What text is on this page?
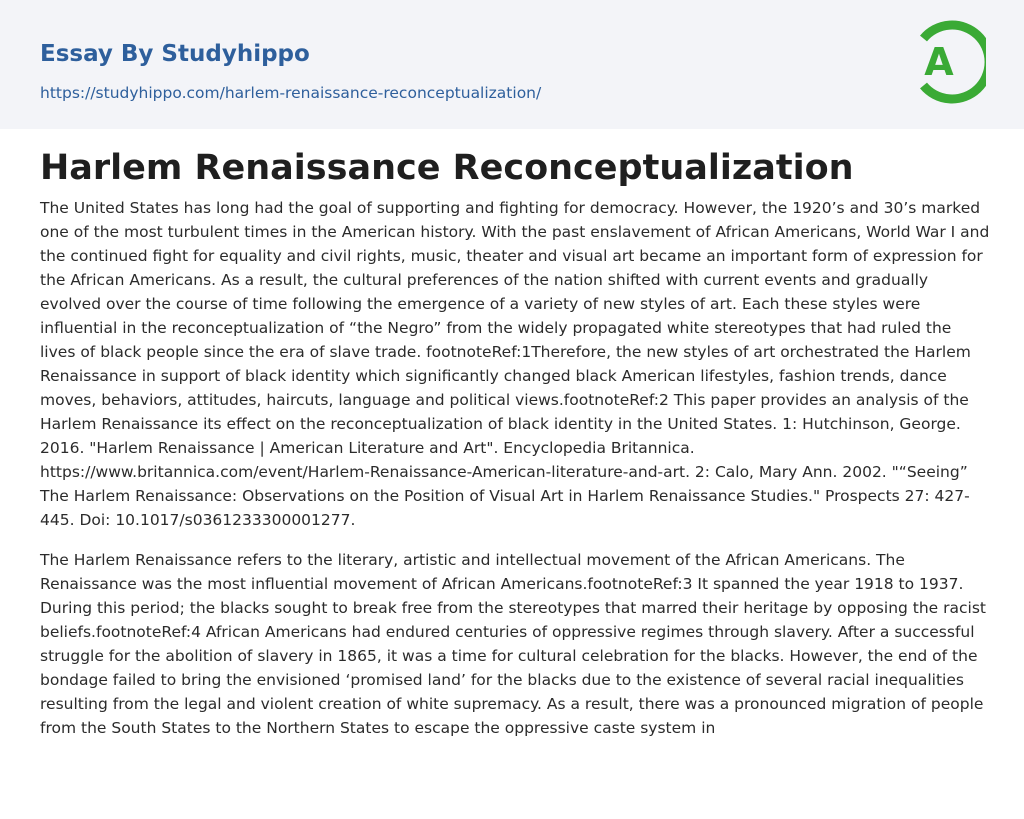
Essay By Studyhippo
https://studyhippo.com/harlem-renaissance-reconceptualization/
A
Harlem Renaissance Reconceptualization

The United States has long had the goal of supporting and fighting for democracy. However, the 1920’s and 30’s marked one of the most turbulent times in the American history. With the past enslavement of African Americans, World War I and the continued fight for equality and civil rights, music, theater and visual art became an important form of expression for the African Americans. As a result, the cultural preferences of the nation shifted with current events and gradually evolved over the course of time following the emergence of a variety of new styles of art. Each these styles were influential in the reconceptualization of “the Negro” from the widely propagated white stereotypes that had ruled the lives of black people since the era of slave trade. footnoteRef:1Therefore, the new styles of art orchestrated the Harlem Renaissance in support of black identity which significantly changed black American lifestyles, fashion trends, dance moves, behaviors, attitudes, haircuts, language and political views.footnoteRef:2 This paper provides an analysis of the Harlem Renaissance its effect on the reconceptualization of black identity in the United States. 1: Hutchinson, George. 2016. "Harlem Renaissance | American Literature and Art". Encyclopedia Britannica. https://www.britannica.com/event/Harlem-Renaissance-American-literature-and-art. 2: Calo, Mary Ann. 2002. "“Seeing” The Harlem Renaissance: Observations on the Position of Visual Art in Harlem Renaissance Studies." Prospects 27: 427-445. Doi: 10.1017/s0361233300001277.

The Harlem Renaissance refers to the literary, artistic and intellectual movement of the African Americans. The Renaissance was the most influential movement of African Americans.footnoteRef:3 It spanned the year 1918 to 1937. During this period; the blacks sought to break free from the stereotypes that marred their heritage by opposing the racist beliefs.footnoteRef:4 African Americans had endured centuries of oppressive regimes through slavery. After a successful struggle for the abolition of slavery in 1865, it was a time for cultural celebration for the blacks. However, the end of the bondage failed to bring the envisioned ‘promised land’ for the blacks due to the existence of several racial inequalities resulting from the legal and violent creation of white supremacy. As a result, there was a pronounced migration of people from the South States to the Northern States to escape the oppressive caste system in
